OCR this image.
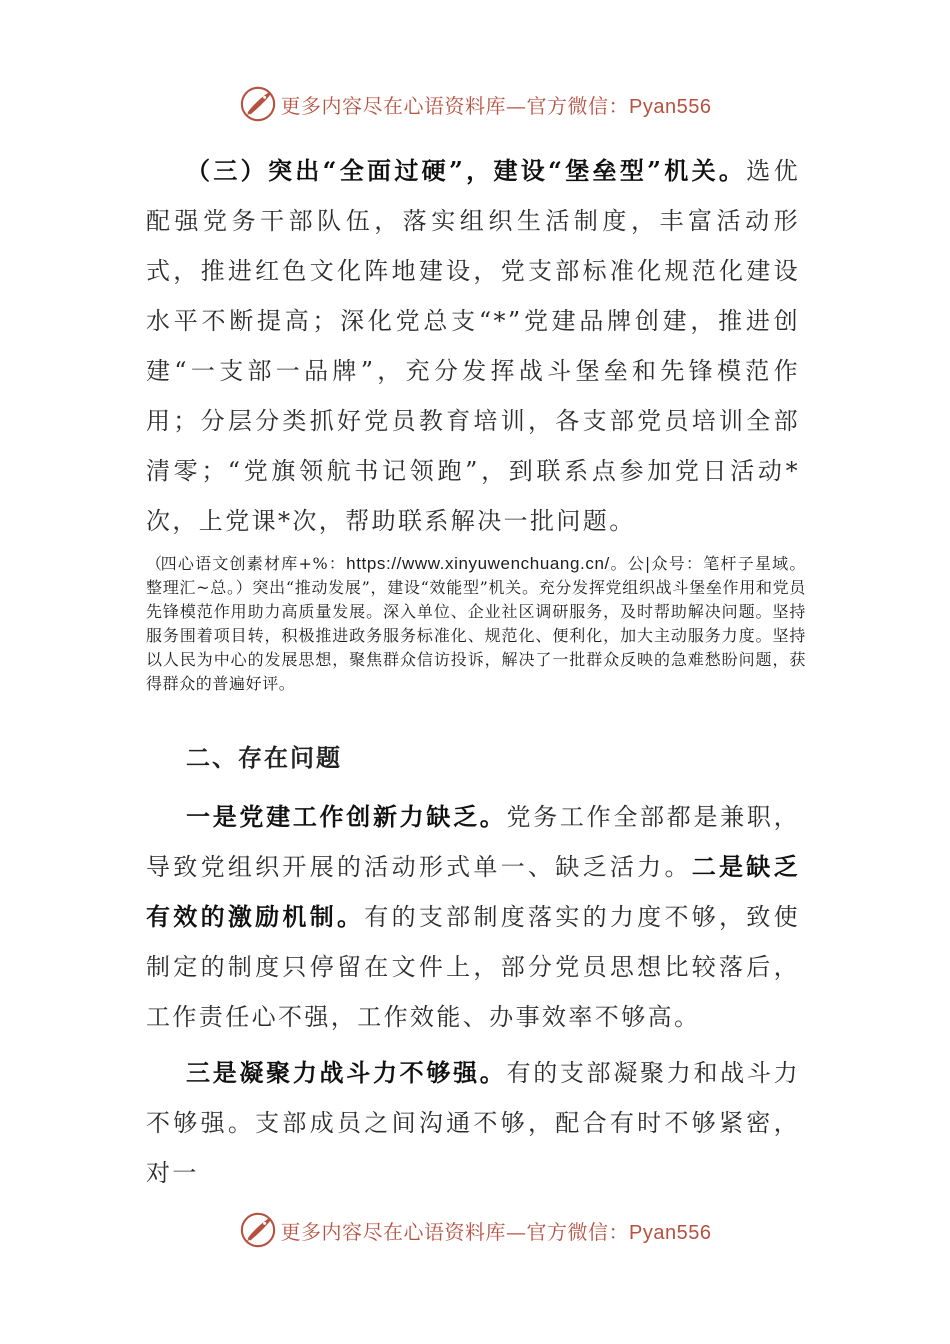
更多内容尽在心语资料库—官方微信：Pyan556

（三）突出“全面过硬”，建设“堡垒型”机关。选优配强党务干部队伍，落实组织生活制度，丰富活动形式，推进红色文化阵地建设，党支部标准化规范化建设水平不断提高；深化党总支“*”党建品牌创建，推进创建“一支部一品牌”，充分发挥战斗堡垒和先锋模范作用；分层分类抓好党员教育培训，各支部党员培训全部清零；“党旗领航书记领跑”，到联系点参加党日活动*次，上党课*次，帮助联系解决一批问题。

（四心语文创素材库+%：https://www.xinyuwenchuang.cn/。公|众号：笔杆子星域。整理汇~总。）突出“推动发展”，建设“效能型”机关。充分发挥党组织战斗堡垒作用和党员先锋模范作用助力高质量发展。深入单位、企业社区调研服务，及时帮助解决问题。坚持服务围着项目转，积极推进政务服务标准化、规范化、便利化，加大主动服务力度。坚持以人民为中心的发展思想，聚焦群众信访投诉，解决了一批群众反映的急难愁盼问题，获得群众的普遍好评。

二、存在问题

一是党建工作创新力缺乏。党务工作全部都是兼职，导致党组织开展的活动形式单一、缺乏活力。二是缺乏有效的激励机制。有的支部制度落实的力度不够，致使制定的制度只停留在文件上，部分党员思想比较落后，工作责任心不强，工作效能、办事效率不够高。

三是凝聚力战斗力不够强。有的支部凝聚力和战斗力不够强。支部成员之间沟通不够，配合有时不够紧密，对一

更多内容尽在心语资料库—官方微信：Pyan556
